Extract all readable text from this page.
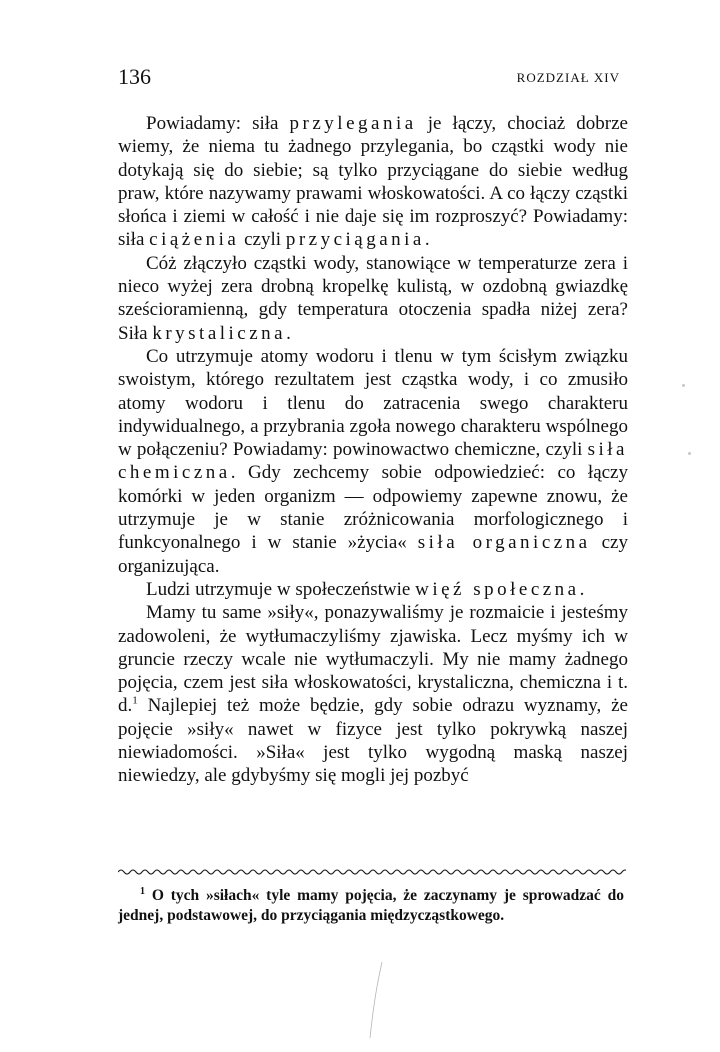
136	ROZDZIAŁ XIV

Powiadamy: siła przylegania je łączy, chociaż dobrze wiemy, że niema tu żadnego przylegania, bo cząstki wody nie dotykają się do siebie; są tylko przyciągane do siebie według praw, które nazywamy prawami włoskowatości. A co łączy cząstki słońca i ziemi w całość i nie daje się im rozproszyć? Powiadamy: siła ciążenia czyli przyciągania.

Cóż złączyło cząstki wody, stanowiące w temperaturze zera i nieco wyżej zera drobną kropelkę kulistą, w ozdobną gwiazdkę sześcioramienną, gdy temperatura otoczenia spadła niżej zera? Siła krystaliczna.

Co utrzymuje atomy wodoru i tlenu w tym ścisłym związku swoistym, którego rezultatem jest cząstka wody, i co zmusiło atomy wodoru i tlenu do zatracenia swego charakteru indywidualnego, a przybrania zgoła nowego charakteru wspólnego w połączeniu? Powiadamy: powinowactwo chemiczne, czyli siła chemiczna. Gdy zechcemy sobie odpowiedzieć: co łączy komórki w jeden organizm — odpowiemy zapewne znowu, że utrzymuje je w stanie zróżnicowania morfologicznego i funkcyonalnego i w stanie »życia« siła organiczna czy organizująca.

Ludzi utrzymuje w społeczeństwie więź społeczna.

Mamy tu same »siły«, ponazywaliśmy je rozmaicie i jesteśmy zadowoleni, że wytłumaczyliśmy zjawiska. Lecz myśmy ich w gruncie rzeczy wcale nie wytłumaczyli. My nie mamy żadnego pojęcia, czem jest siła włoskowatości, krystaliczna, chemiczna i t. d.$^1$ Najlepiej też może będzie, gdy sobie odrazu wyznamy, że pojęcie »siły« nawet w fizyce jest tylko pokrywką naszej niewiadomości. »Siła« jest tylko wygodną maską naszej niewiedzy, ale gdybyśmy się mogli jej pozbyć

$^1$ O tych »siłach« tyle mamy pojęcia, że zaczynamy je sprowadzać do jednej, podstawowej, do przyciągania międzycząstkowego.
